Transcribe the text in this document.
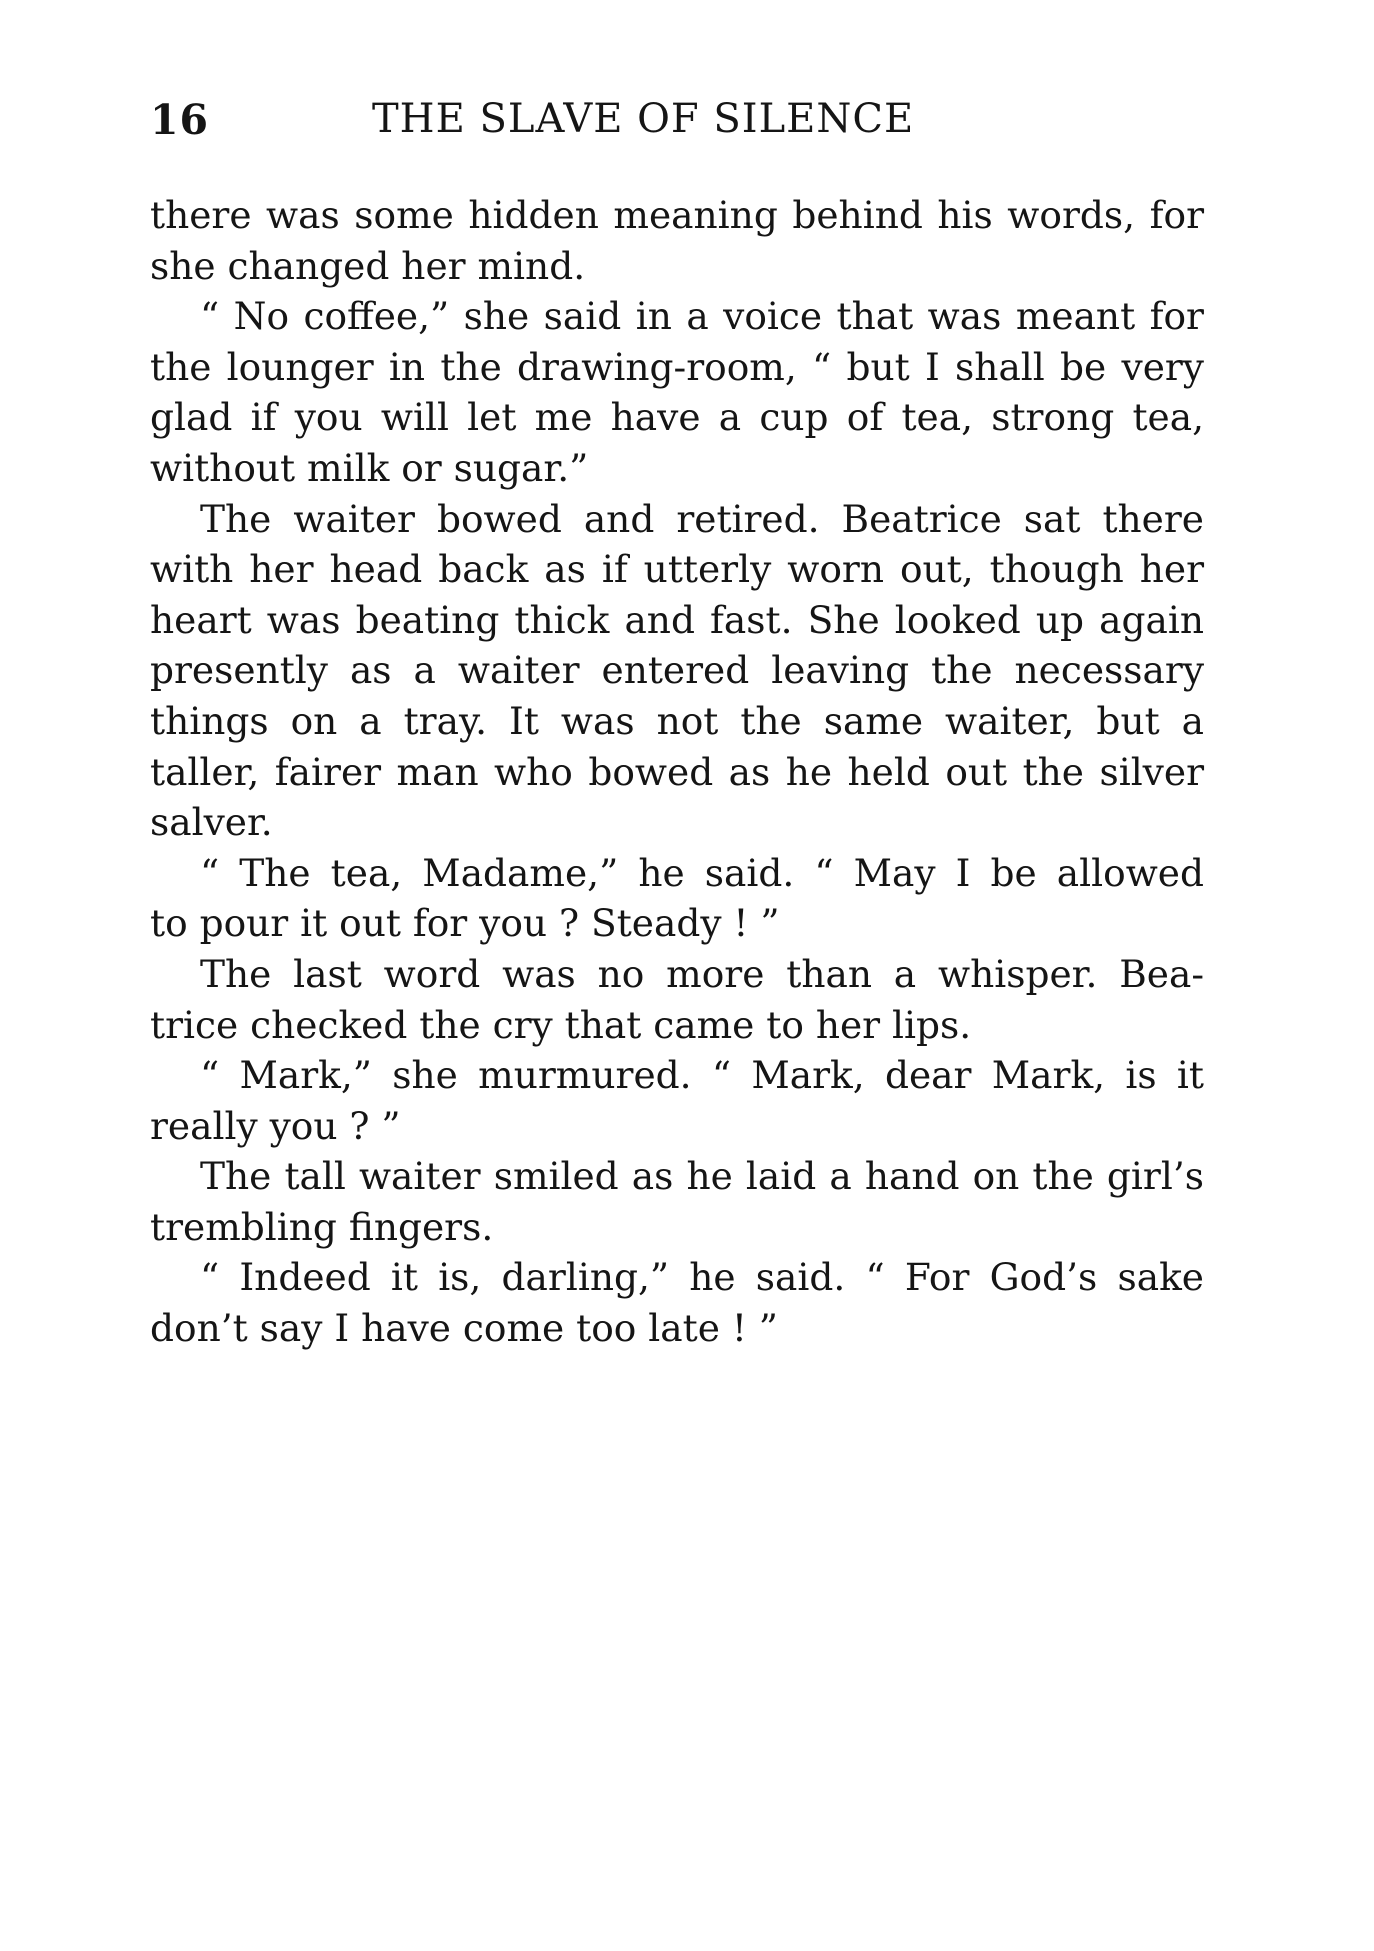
16	THE SLAVE OF SILENCE
there was some hidden meaning behind his words, for
she changed her mind.
“ No coffee,” she said in a voice that was meant for
the lounger in the drawing-room, “ but I shall be very
glad if you will let me have a cup of tea, strong tea,
without milk or sugar.”
The waiter bowed and retired. Beatrice sat there
with her head back as if utterly worn out, though her
heart was beating thick and fast. She looked up again
presently as a waiter entered leaving the necessary
things on a tray. It was not the same waiter, but a
taller, fairer man who bowed as he held out the silver
salver.
“ The tea, Madame,” he said. “ May I be allowed
to pour it out for you ? Steady ! ”
The last word was no more than a whisper. Bea-
trice checked the cry that came to her lips.
“ Mark,” she murmured. “ Mark, dear Mark, is it
really you ? ”
The tall waiter smiled as he laid a hand on the girl’s
trembling fingers.
“ Indeed it is, darling,” he said. “ For God’s sake
don’t say I have come too late ! ”
